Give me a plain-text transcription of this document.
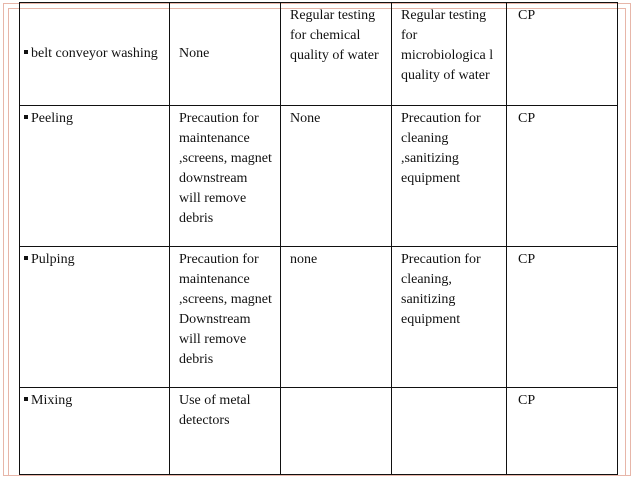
belt conveyor washing	None	Regular testing for chemical quality of water	Regular testing for microbiologica l quality of water	CP
Peeling	Precaution for maintenance ,screens, magnet downstream will remove debris	None	Precaution for cleaning ,sanitizing equipment	CP
Pulping	Precaution for maintenance ,screens, magnet Downstream will remove debris	none	Precaution for cleaning, sanitizing equipment	CP
Mixing	Use of metal detectors			CP
